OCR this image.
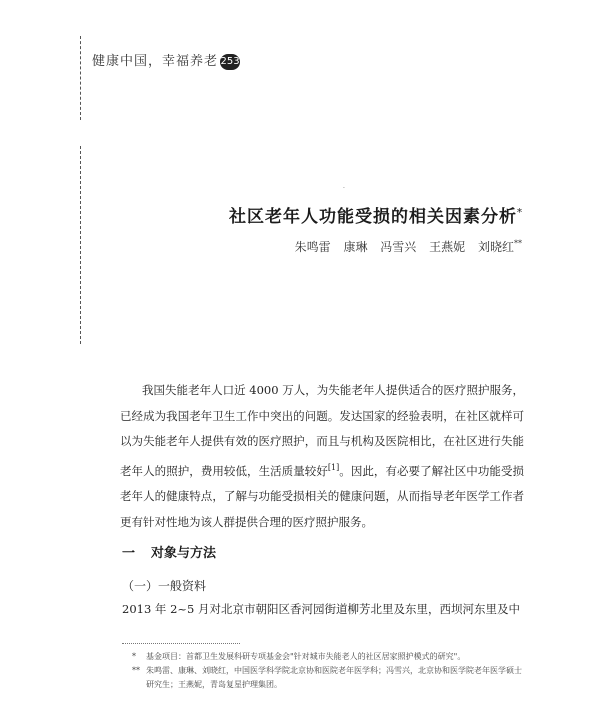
健康中国，幸福养老 253
·
社区老年人功能受损的相关因素分析*
朱鸣雷 康琳 冯雪兴 王燕妮 刘晓红**
我国失能老年人口近 4000 万人，为失能老年人提供适合的医疗照护服务，已经成为我国老年卫生工作中突出的问题。发达国家的经验表明，在社区就样可以为失能老年人提供有效的医疗照护，而且与机构及医院相比，在社区进行失能老年人的照护，费用较低，生活质量较好[1]。因此，有必要了解社区中功能受损老年人的健康特点，了解与功能受损相关的健康问题，从而指导老年医学工作者更有针对性地为该人群提供合理的医疗照护服务。
一 对象与方法
（一）一般资料
2013 年 2~5 月对北京市朝阳区香河园街道柳芳北里及东里，西坝河东里及中
* 基金项目：首都卫生发展科研专项基金会"针对城市失能老人的社区居家照护模式的研究"。
** 朱鸣雷、康琳、刘晓红，中国医学科学院北京协和医院老年医学科；冯雪兴，北京协和医学院老年医学硕士研究生；王燕妮，青岛复星护理集团。
